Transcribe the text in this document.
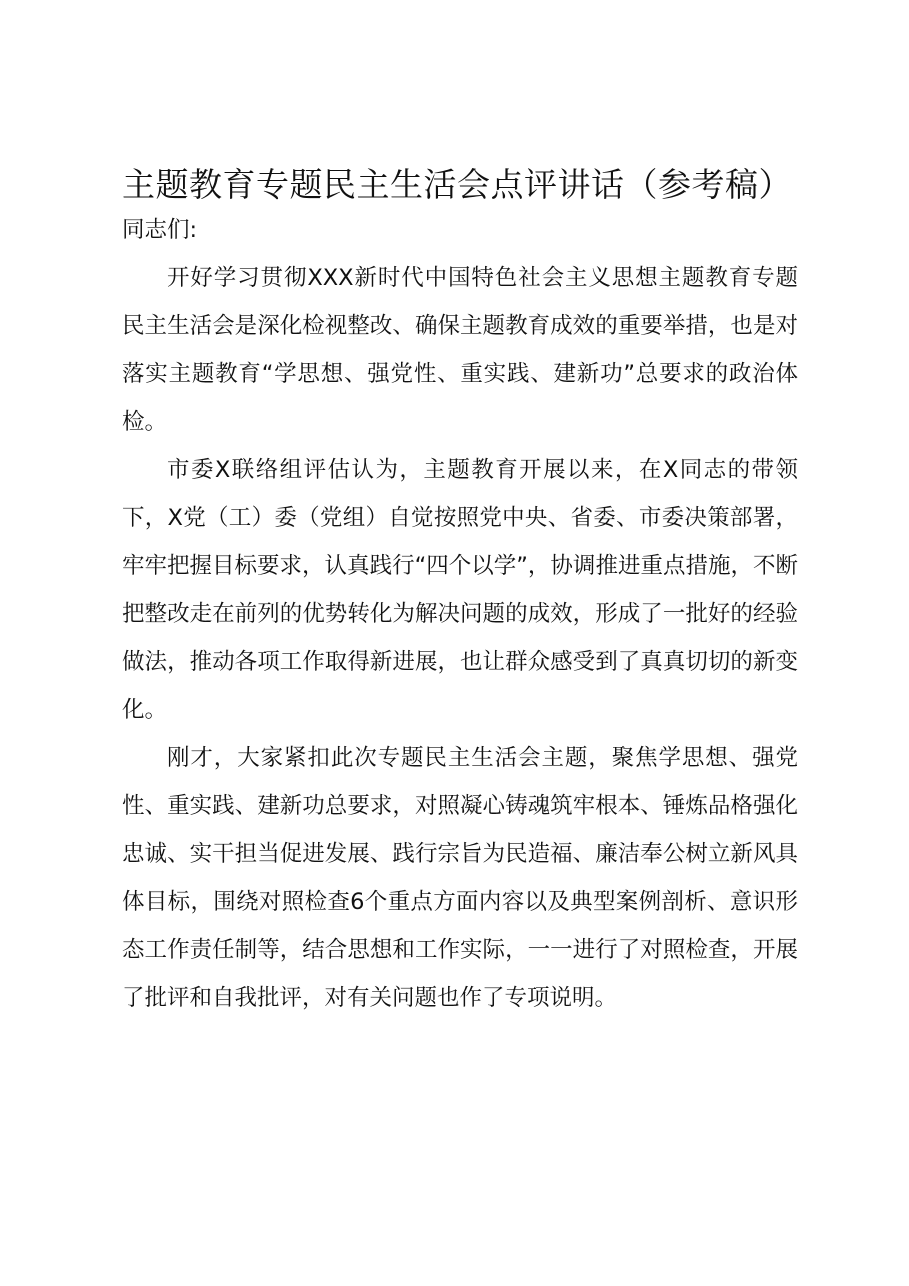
主题教育专题民主生活会点评讲话（参考稿）

同志们:

开好学习贯彻XXX新时代中国特色社会主义思想主题教育专题民主生活会是深化检视整改、确保主题教育成效的重要举措，也是对落实主题教育“学思想、强党性、重实践、建新功”总要求的政治体检。

市委X联络组评估认为，主题教育开展以来，在X同志的带领下，X党（工）委（党组）自觉按照党中央、省委、市委决策部署，牢牢把握目标要求，认真践行“四个以学”，协调推进重点措施，不断把整改走在前列的优势转化为解决问题的成效，形成了一批好的经验做法，推动各项工作取得新进展，也让群众感受到了真真切切的新变化。

刚才，大家紧扣此次专题民主生活会主题，聚焦学思想、强党性、重实践、建新功总要求，对照凝心铸魂筑牢根本、锤炼品格强化忠诚、实干担当促进发展、践行宗旨为民造福、廉洁奉公树立新风具体目标，围绕对照检查6个重点方面内容以及典型案例剖析、意识形态工作责任制等，结合思想和工作实际，一一进行了对照检查，开展了批评和自我批评，对有关问题也作了专项说明。
